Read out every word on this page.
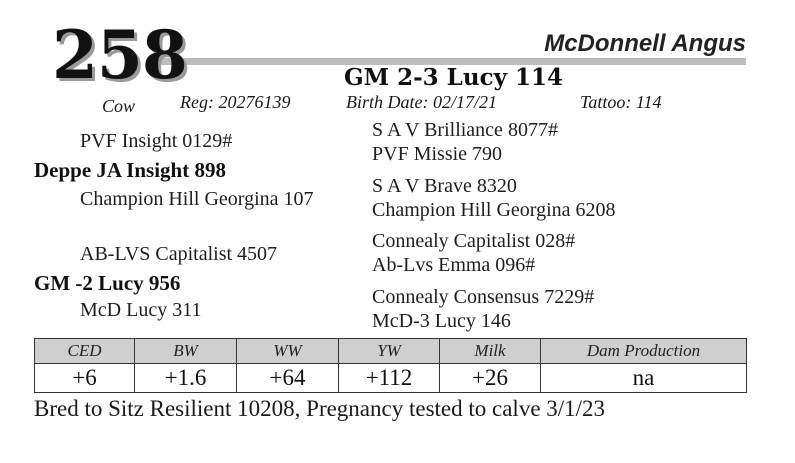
258	McDonnell Angus
GM 2-3 Lucy 114
Cow Reg: 20276139	Birth Date: 02/17/21	Tattoo: 114
PVF Insight 0129#
Deppe JA Insight 898
Champion Hill Georgina 107
S A V Brilliance 8077#
PVF Missie 790
S A V Brave 8320
Champion Hill Georgina 6208
AB-LVS Capitalist 4507
GM -2 Lucy 956
McD Lucy 311
Connealy Capitalist 028#
Ab-Lvs Emma 096#
Connealy Consensus 7229#
McD-3 Lucy 146
CED	BW	WW	YW	Milk	Dam Production
+6	+1.6	+64	+112	+26	na
Bred to Sitz Resilient 10208, Pregnancy tested to calve 3/1/23
